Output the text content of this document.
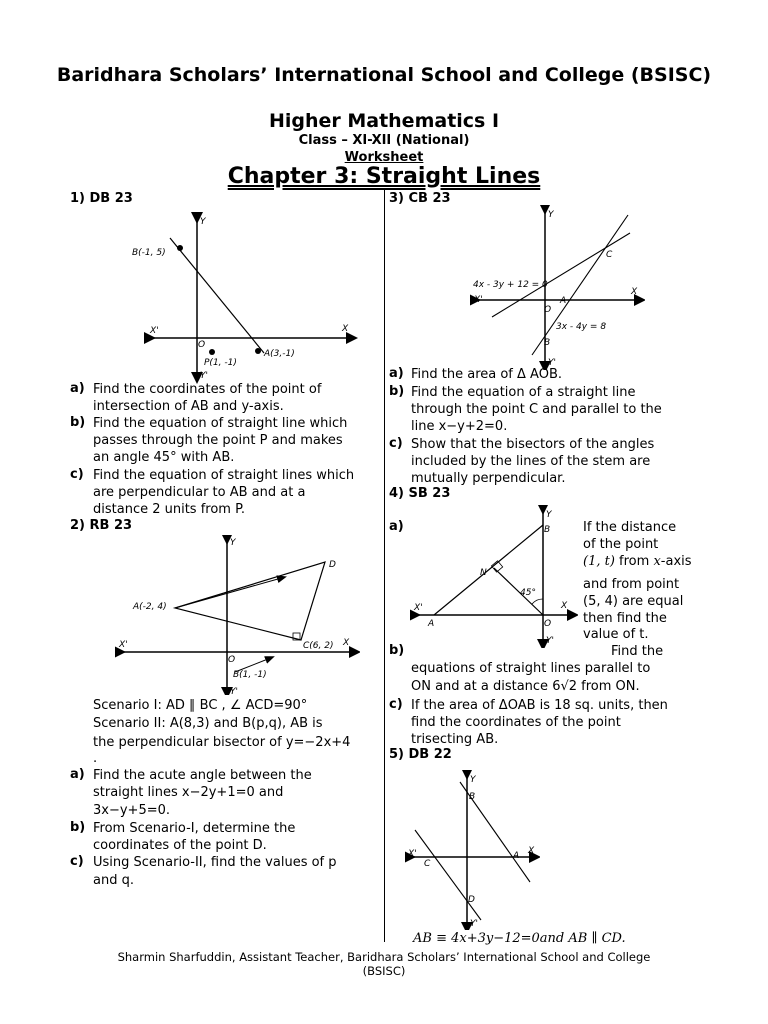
Baridhara Scholars’ International School and College (BSISC)
Higher Mathematics I
Class – XI-XII (National)
Worksheet
Chapter 3: Straight Lines
1) DB 23
B(-1, 5)
A(3,-1)
P(1, -1)
X
X'
Y
Y'
O
a) Find the coordinates of the point of
intersection of AB and y-axis.
b) Find the equation of straight line which
passes through the point P and makes
an angle 45° with AB.
c) Find the equation of straight lines which
are perpendicular to AB and at a
distance 2 units from P.
2) RB 23
A(-2, 4)
D
C(6, 2)
B(1, -1)
X
X'
Y
Y'
O
Scenario I: AD ∥ BC , ∠ ACD=90°
Scenario II: A(8,3) and B(p,q), AB is
the perpendicular bisector of y=−2x+4
.
a) Find the acute angle between the
straight lines x−2y+1=0 and
3x−y+5=0.
b) From Scenario-I, determine the
coordinates of the point D.
c) Using Scenario-II, find the values of p
and q.
3) CB 23
4x - 3y + 12 = 0
3x - 4y = 8
C
A
B
X
X'
Y
Y'
O
a) Find the area of Δ AOB.
b) Find the equation of a straight line
through the point C and parallel to the
line x−y+2=0.
c) Show that the bisectors of the angles
included by the lines of the stem are
mutually perpendicular.
4) SB 23
B
N
A	O
45°
X
X'
Y
Y'
a)	If the distance
of the point
(1, t) from x-axis
and from point
(5, 4) are equal
then find the
value of t.
b)	Find the
equations of straight lines parallel to
ON and at a distance 6√2 from ON.
c) If the area of ΔOAB is 18 sq. units, then
find the coordinates of the point
trisecting AB.
5) DB 22
B
A
C
D
X
X'
Y
Y'
AB ≡ 4x+3y−12=0and AB ∥ CD.
Sharmin Sharfuddin, Assistant Teacher, Baridhara Scholars’ International School and College
(BSISC)
